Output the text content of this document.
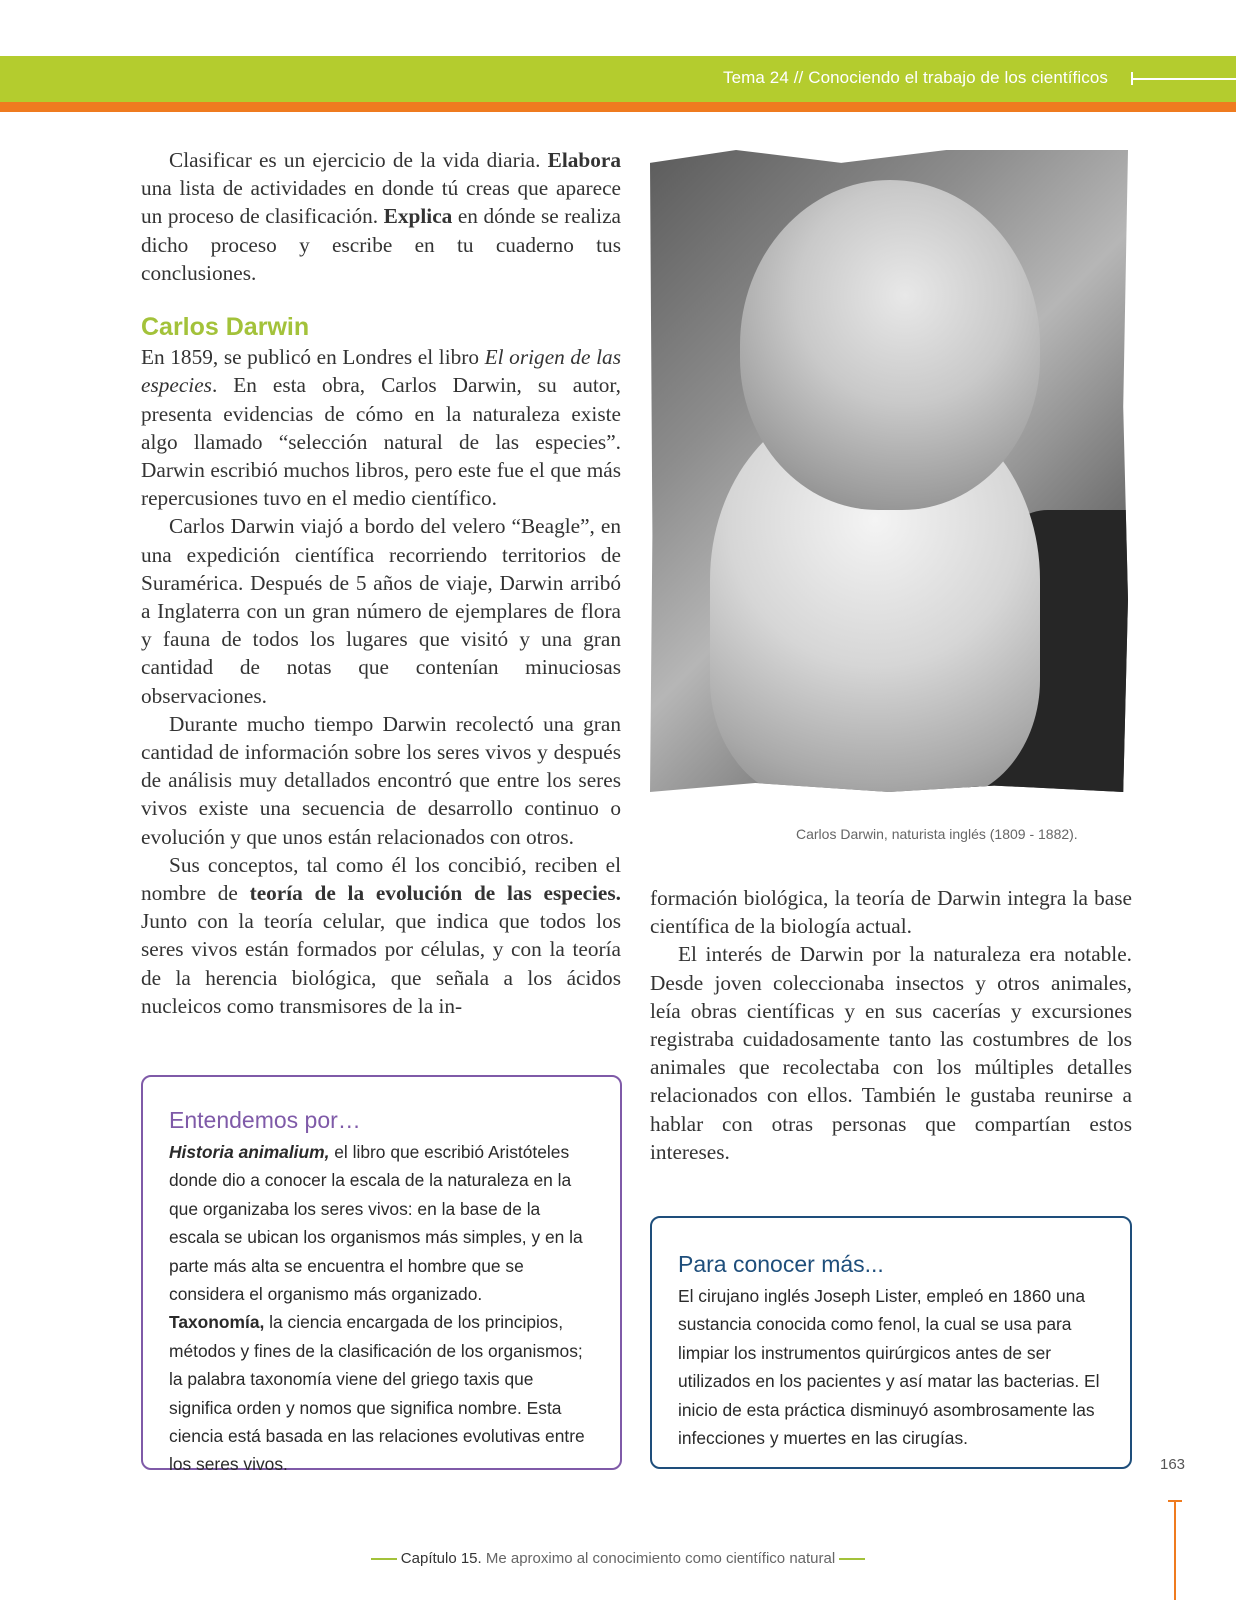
Tema 24 // Conociendo el trabajo de los científicos

Clasificar es un ejercicio de la vida diaria. Elabora una lista de actividades en donde tú creas que aparece un proceso de clasificación. Explica en dónde se realiza dicho proceso y escribe en tu cuaderno tus conclusiones.

Carlos Darwin

En 1859, se publicó en Londres el libro El origen de las especies. En esta obra, Carlos Darwin, su autor, presenta evidencias de cómo en la naturaleza existe algo llamado “selección natural de las especies”. Darwin escribió muchos libros, pero este fue el que más repercusiones tuvo en el medio científico.

Carlos Darwin viajó a bordo del velero “Beagle”, en una expedición científica recorriendo territorios de Suramérica. Después de 5 años de viaje, Darwin arribó a Inglaterra con un gran número de ejemplares de flora y fauna de todos los lugares que visitó y una gran cantidad de notas que contenían minuciosas observaciones.

Durante mucho tiempo Darwin recolectó una gran cantidad de información sobre los seres vivos y después de análisis muy detallados encontró que entre los seres vivos existe una secuencia de desarrollo continuo o evolución y que unos están relacionados con otros.

Sus conceptos, tal como él los concibió, reciben el nombre de teoría de la evolución de las especies. Junto con la teoría celular, que indica que todos los seres vivos están formados por células, y con la teoría de la herencia biológica, que señala a los ácidos nucleicos como transmisores de la in-

Carlos Darwin, naturista inglés (1809 - 1882).

formación biológica, la teoría de Darwin integra la base científica de la biología actual.

El interés de Darwin por la naturaleza era notable. Desde joven coleccionaba insectos y otros animales, leía obras científicas y en sus cacerías y excursiones registraba cuidadosamente tanto las costumbres de los animales que recolectaba con los múltiples detalles relacionados con ellos. También le gustaba reunirse a hablar con otras personas que compartían estos intereses.

Entendemos por…

Historia animalium, el libro que escribió Aristóteles donde dio a conocer la escala de la naturaleza en la que organizaba los seres vivos: en la base de la escala se ubican los organismos más simples, y en la parte más alta se encuentra el hombre que se considera el organismo más organizado.

Taxonomía, la ciencia encargada de los principios, métodos y fines de la clasificación de los organismos; la palabra taxonomía viene del griego taxis que significa orden y nomos que significa nombre. Esta ciencia está basada en las relaciones evolutivas entre los seres vivos.

Para conocer más...

El cirujano inglés Joseph Lister, empleó en 1860 una sustancia conocida como fenol, la cual se usa para limpiar los instrumentos quirúrgicos antes de ser utilizados en los pacientes y así matar las bacterias. El inicio de esta práctica disminuyó asombrosamente las infecciones y muertes en las cirugías.

163
Capítulo 15. Me aproximo al conocimiento como científico natural
